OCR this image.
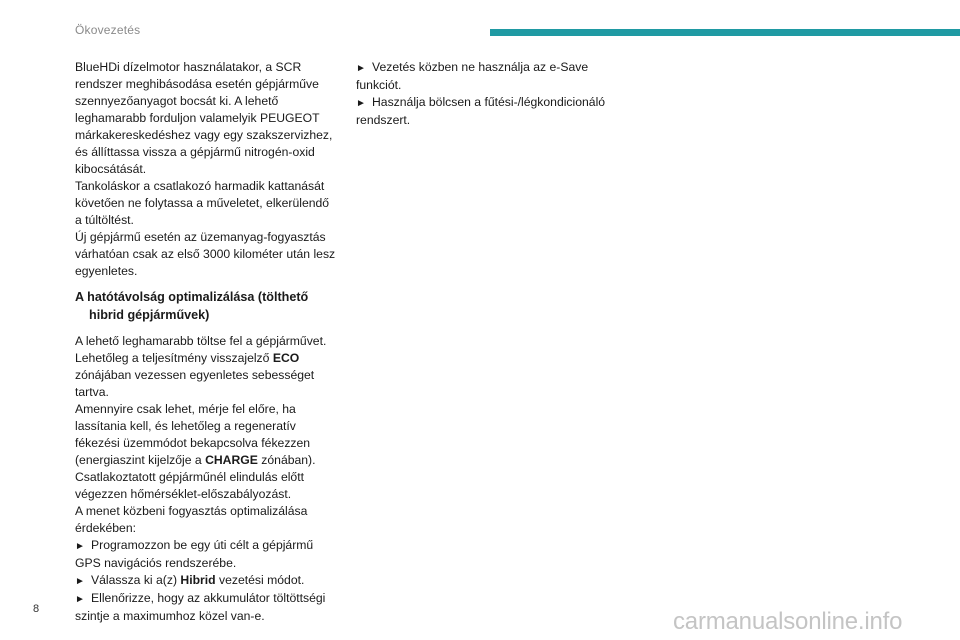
Ökovezetés

BlueHDi dízelmotor használatakor, a SCR

rendszer meghibásodása esetén gépjárműve

szennyezőanyagot bocsát ki. A lehető

leghamarabb forduljon valamelyik PEUGEOT

márkakereskedéshez vagy egy szakszervizhez,

és állíttassa vissza a gépjármű nitrogén-oxid

kibocsátását.

Tankoláskor a csatlakozó harmadik kattanását

követően ne folytassa a műveletet, elkerülendő

a túltöltést.

Új gépjármű esetén az üzemanyag-fogyasztás

várhatóan csak az első 3000 kilométer után lesz

egyenletes.

A hatótávolság optimalizálása (tölthető hibrid gépjárművek)

A lehető leghamarabb töltse fel a gépjárművet.

Lehetőleg a teljesítmény visszajelző ECO

zónájában vezessen egyenletes sebességet

tartva.

Amennyire csak lehet, mérje fel előre, ha

lassítania kell, és lehetőleg a regeneratív

fékezési üzemmódot bekapcsolva fékezzen

(energiaszint kijelzője a CHARGE zónában).

Csatlakoztatott gépjárműnél elindulás előtt

végezzen hőmérséklet-előszabályozást.

A menet közbeni fogyasztás optimalizálása

érdekében:

► Programozzon be egy úti célt a gépjármű

GPS navigációs rendszerébe.

► Válassza ki a(z) Hibrid vezetési módot.

► Ellenőrizze, hogy az akkumulátor töltöttségi

szintje a maximumhoz közel van-e.

► Vezetés közben ne használja az e-Save

funkciót.

► Használja bölcsen a fűtési-/légkondicionáló

rendszert.

8	carmanualsonline.info
